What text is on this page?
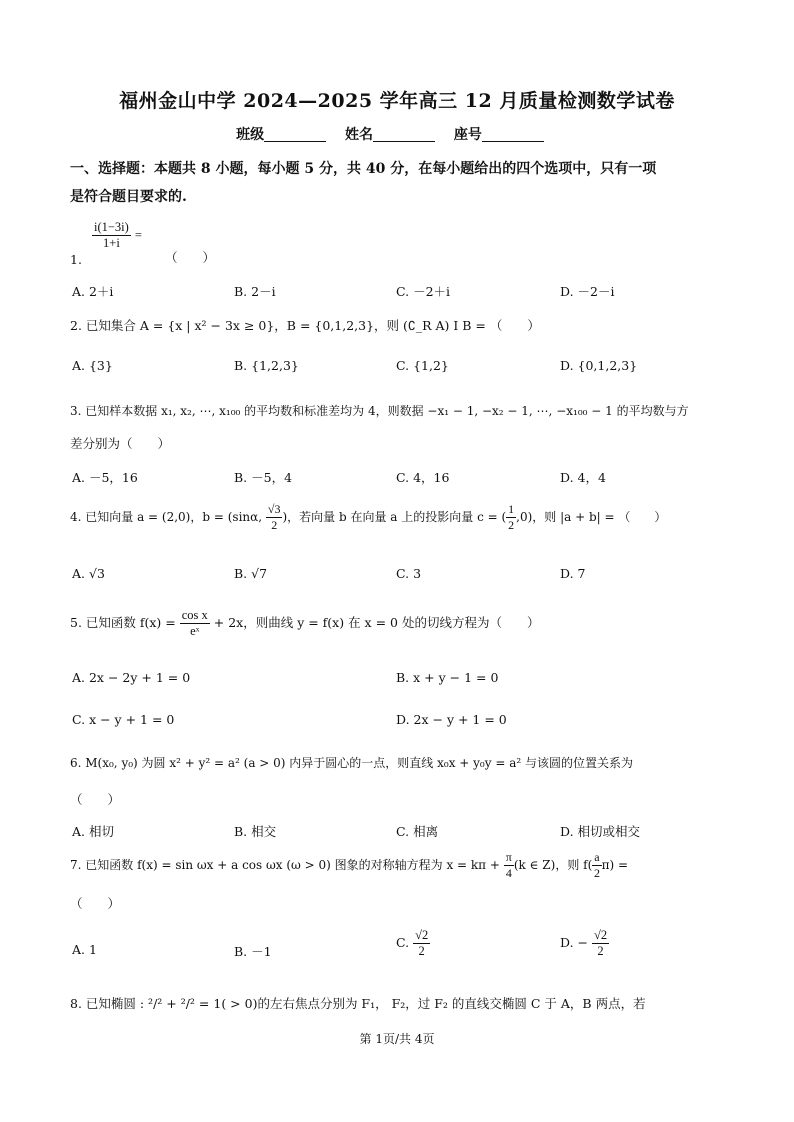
福州金山中学 2024—2025 学年高三 12 月质量检测数学试卷
班级	姓名	座号
一、选择题：本题共 8 小题，每小题 5 分，共 40 分，在每小题给出的四个选项中，只有一项
是符合题目要求的.
$\frac{i(1-3i)}{1+i}$ =
1.	（　　）
A. 2＋i	B. 2－i	C. －2＋i	D. －2－i
2. 已知集合 A = {x | x² − 3x ≥ 0}，B = {0,1,2,3}，则 (∁_R A) I B = （　　）
A. {3}	B. {1,2,3}	C. {1,2}	D. {0,1,2,3}
3. 已知样本数据 x₁, x₂, ⋯, x₁₀₀ 的平均数和标准差均为 4，则数据 −x₁ − 1, −x₂ − 1, ⋯, −x₁₀₀ − 1 的平均数与方
差分别为（　　）
A. －5，16	B. －5，4	C. 4，16	D. 4，4
4. 已知向量 a = (2,0)，b = (sinα, $\frac{√3}{2}$ )，若向量 b 在向量 a 上的投影向量 c = ( $\frac{1}{2} ,0$)，则 |a + b| = （　　）
A. √3	B. √7	C. 3	D. 7
5. 已知函数 $f(x) = \frac{\text{cos x}}{\text{eˣ}} + 2x$，则曲线 y = f(x) 在 x = 0 处的切线方程为（　　）
A. 2x − 2y + 1 = 0	B. x + y − 1 = 0
C. x − y + 1 = 0	D. 2x − y + 1 = 0
6. M(x₀, y₀) 为圆 x² + y² = a² (a > 0) 内异于圆心的一点，则直线 x₀x + y₀y = a² 与该圆的位置关系为
（　　）
A. 相切	B. 相交	C. 相离	D. 相切或相交
7. 已知函数 f(x) = sin ωx + a cos ωx (ω > 0) 图象的对称轴方程为 $x = k\pi + \frac{\pi}{4} (k$ ∈ Z)，则 $f( \frac{a}{2} \pi)$ =
（　　）
A. 1	B. －1
C. $\frac{√2}{2}$	D. − $\frac{√2}{2}$
8. 已知椭圆 : ²/² + ²/² = 1( > 0)的左右焦点分别为 F₁， F₂，过 F₂ 的直线交椭圆 C 于 A，B 两点，若
第 1页/共 4页
